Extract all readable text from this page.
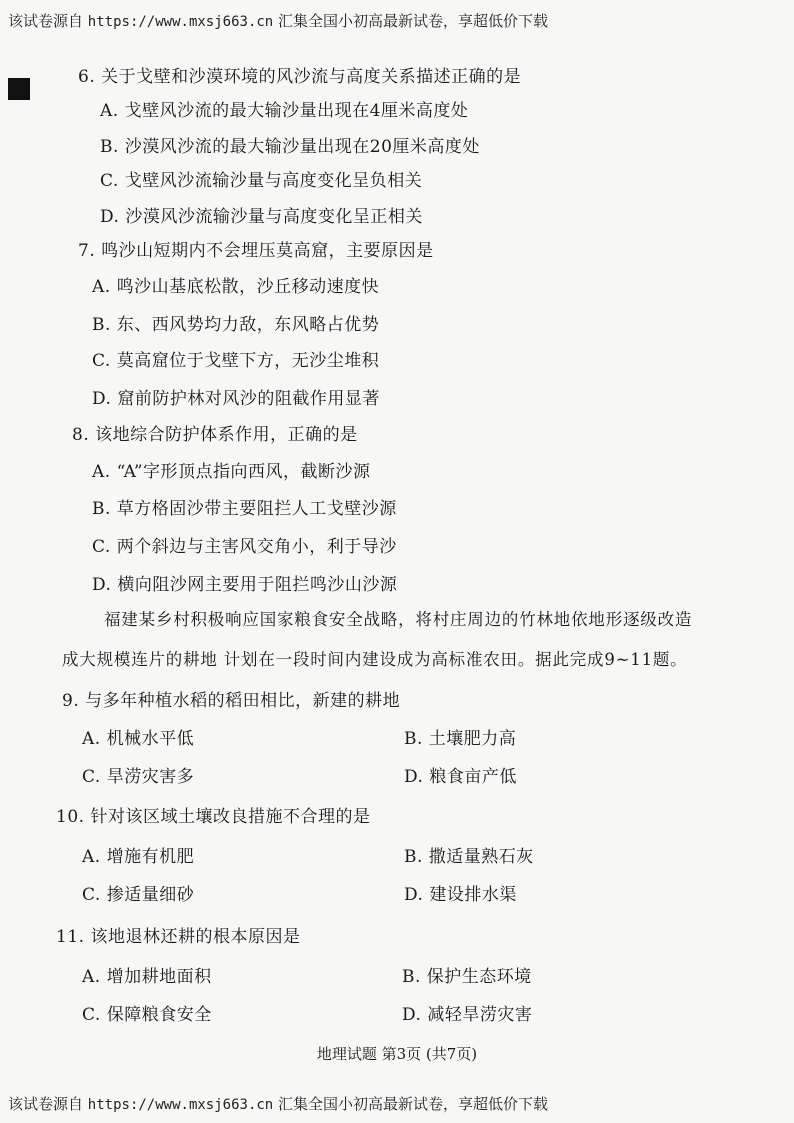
该试卷源自 https://www.mxsj663.cn 汇集全国小初高最新试卷，享超低价下载
6. 关于戈壁和沙漠环境的风沙流与高度关系描述正确的是
A. 戈壁风沙流的最大输沙量出现在4厘米高度处
B. 沙漠风沙流的最大输沙量出现在20厘米高度处
C. 戈壁风沙流输沙量与高度变化呈负相关
D. 沙漠风沙流输沙量与高度变化呈正相关
7. 鸣沙山短期内不会埋压莫高窟，主要原因是
A. 鸣沙山基底松散，沙丘移动速度快
B. 东、西风势均力敌，东风略占优势
C. 莫高窟位于戈壁下方，无沙尘堆积
D. 窟前防护林对风沙的阻截作用显著
8. 该地综合防护体系作用，正确的是
A. “A”字形顶点指向西风，截断沙源
B. 草方格固沙带主要阻拦人工戈壁沙源
C. 两个斜边与主害风交角小，利于导沙
D. 横向阻沙网主要用于阻拦鸣沙山沙源
福建某乡村积极响应国家粮食安全战略，将村庄周边的竹林地依地形逐级改造
成大规模连片的耕地 计划在一段时间内建设成为高标准农田。据此完成9~11题。
9. 与多年种植水稻的稻田相比，新建的耕地
A. 机械水平低	B. 土壤肥力高
C. 旱涝灾害多	D. 粮食亩产低
10. 针对该区域土壤改良措施不合理的是
A. 增施有机肥	B. 撒适量熟石灰
C. 掺适量细砂	D. 建设排水渠
11. 该地退林还耕的根本原因是
A. 增加耕地面积	B. 保护生态环境
C. 保障粮食安全	D. 减轻旱涝灾害
地理试题 第3页 (共7页)
该试卷源自 https://www.mxsj663.cn 汇集全国小初高最新试卷，享超低价下载
